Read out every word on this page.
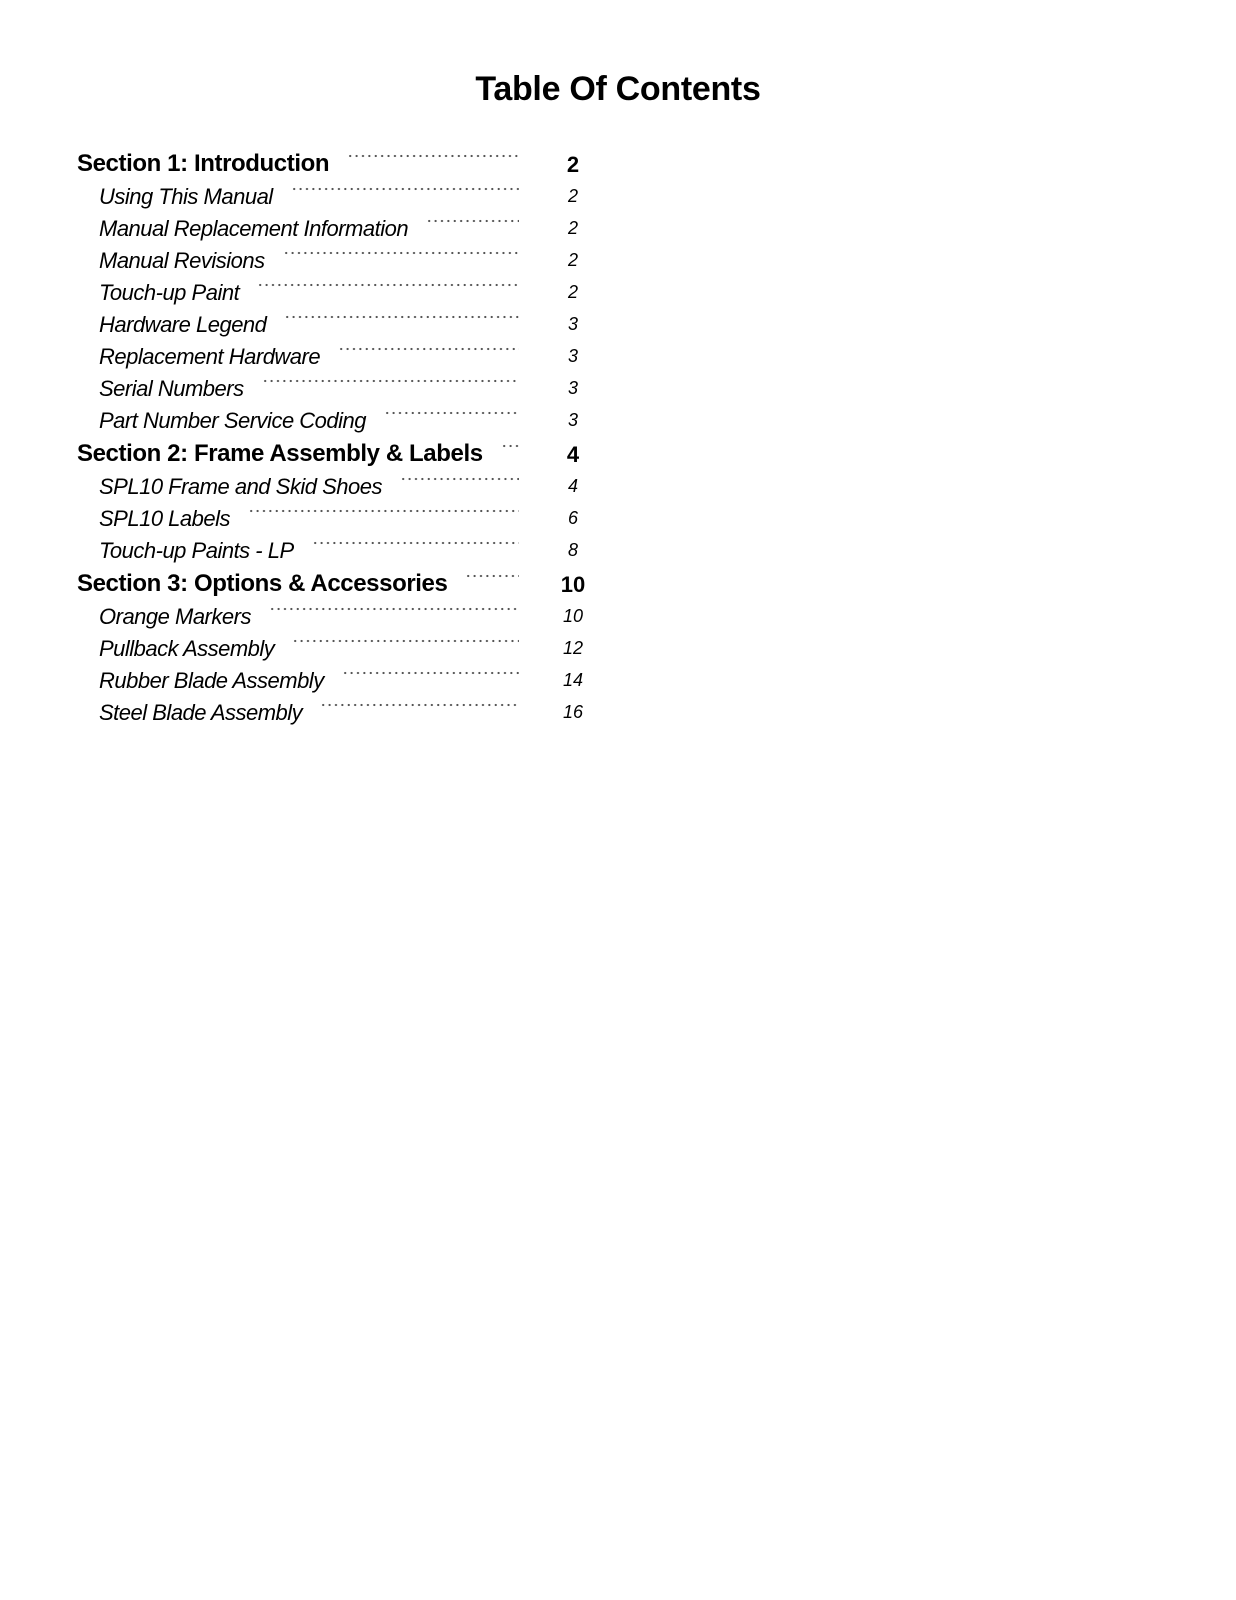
Table Of Contents
Section 1: Introduction	2
Using This Manual	2
Manual Replacement Information	2
Manual Revisions	2
Touch-up Paint	2
Hardware Legend	3
Replacement Hardware	3
Serial Numbers	3
Part Number Service Coding	3
Section 2: Frame Assembly & Labels	4
SPL10 Frame and Skid Shoes	4
SPL10 Labels	6
Touch-up Paints - LP	8
Section 3: Options & Accessories	10
Orange Markers	10
Pullback Assembly	12
Rubber Blade Assembly	14
Steel Blade Assembly	16
